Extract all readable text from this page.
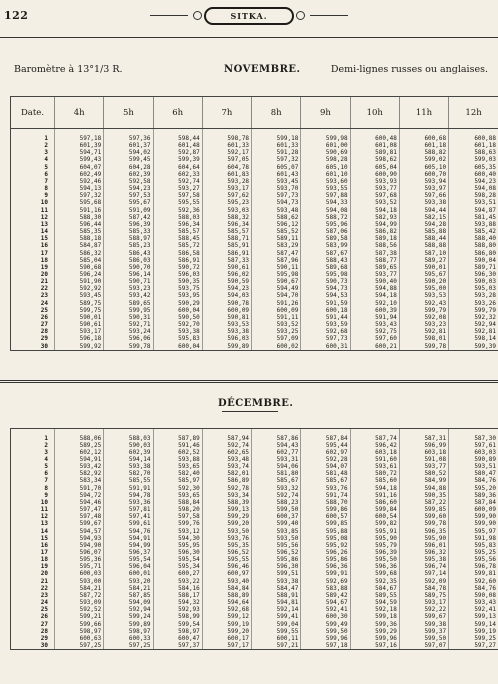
122	SITKA.
Baromètre à 13°1/3 R.	NOVEMBRE.	Demi-lignes russes ou anglaises.
Date.	4h	5h	6h	7h	8h	9h	10h	11h	12h
1	597,18	597,36	598,44	598,78	599,18	599,98	600,48	600,68	600,88
2	601,39	601,37	601,48	601,33	601,33	601,00	601,08	601,18	601,18
3	594,71	594,02	592,87	592,17	591,28	590,69	589,81	588,82	588,63
4	599,43	599,45	599,39	597,05	597,32	598,28	598,62	599,02	599,03
5	604,07	604,28	604,64	604,78	605,07	605,10	605,04	605,10	605,35
6	602,49	602,39	602,33	601,83	601,43	601,10	600,90	600,70	600,40
7	592,46	592,58	592,74	593,28	593,45	593,60	593,93	593,94	594,23
8	594,13	594,23	593,27	593,17	593,70	593,55	593,77	593,97	594,08
9	597,32	597,53	597,58	597,62	597,73	597,88	597,68	597,66	598,28
10	595,68	595,67	595,55	595,23	594,73	594,33	593,52	593,38	593,51
11	591,16	591,09	592,36	593,03	593,48	594,08	594,18	594,44	594,87
12	588,30	587,42	588,03	588,32	588,62	588,72	582,93	582,15	581,45
13	596,44	596,39	596,34	596,34	596,12	595,96	594,99	594,28	593,88
14	585,35	585,33	585,57	585,57	585,52	587,06	586,82	585,88	585,42
15	588,18	588,97	588,45	588,71	589,11	589,58	589,18	588,44	588,40
16	584,87	585,23	585,72	585,91	583,29	583,99	588,56	588,88	588,80
17	586,32	586,43	586,58	586,91	587,47	587,67	587,38	587,10	586,80
18	585,04	586,03	586,91	587,33	587,96	588,43	588,77	589,27	590,04
19	590,68	590,70	590,72	590,61	590,11	589,68	589,65	590,01	589,71
20	596,24	596,14	596,03	596,02	595,98	595,98	593,77	595,67	596,30
21	591,90	590,71	590,35	590,59	590,67	590,73	590,40	590,20	590,03
22	592,92	593,23	593,75	594,23	594,49	594,73	594,88	595,00	595,03
23	593,45	593,42	593,95	594,03	594,70	594,53	594,18	593,53	593,28
24	589,75	589,65	590,29	590,78	591,26	591,59	592,10	592,43	593,26
25	599,75	599,95	600,04	600,09	600,09	600,18	600,39	599,79	599,79
26	590,01	590,31	590,50	590,81	591,11	591,44	591,94	592,08	592,32
27	590,61	592,71	592,70	593,53	593,52	593,59	593,43	593,23	592,94
28	593,17	593,24	593,38	593,38	593,25	592,68	592,75	592,81	592,81
29	596,18	596,06	595,83	596,03	597,09	597,73	597,60	598,01	598,14
30	599,92	599,78	600,04	599,89	600,02	600,31	600,21	599,78	599,39
DÉCEMBRE.

1	588,06	588,03	587,89	587,94	587,86	587,84	587,74	587,31	587,30
2	589,25	590,03	591,46	592,74	594,43	595,44	596,42	596,99	597,61
3	602,12	602,39	602,52	602,65	602,77	602,97	603,18	603,18	603,03
4	594,91	594,14	593,88	593,48	593,31	592,28	591,60	591,08	590,89
5	593,42	593,38	593,65	593,74	594,06	594,07	593,61	593,77	593,51
6	582,92	582,70	582,40	582,01	581,80	581,48	580,72	580,52	580,47
7	583,34	585,55	585,97	586,89	585,67	585,67	585,60	584,99	584,76
8	591,70	591,91	592,30	592,78	593,32	593,76	594,18	594,88	595,20
9	594,72	594,78	593,65	593,34	592,74	591,74	591,16	590,35	589,36
10	594,46	593,36	588,84	588,39	588,23	588,70	586,60	587,22	587,84
11	597,47	597,81	598,20	599,13	599,50	599,86	599,84	599,85	600,09
12	597,48	597,41	597,58	599,29	600,37	600,57	600,54	599,60	599,90
13	599,67	599,61	599,76	599,20	599,40	599,85	599,82	599,78	599,90
14	594,57	594,76	593,12	593,50	593,85	595,88	595,91	596,35	595,97
15	594,93	594,91	594,30	593,76	593,50	595,08	595,90	595,90	591,98
16	594,90	594,99	595,95	595,35	595,56	595,92	595,79	596,01	595,83
17	596,07	596,37	596,30	596,52	596,52	596,26	596,39	596,32	595,25
18	595,36	595,54	595,54	595,55	595,86	595,86	595,50	595,38	595,56
19	595,71	596,04	595,34	596,46	596,30	596,36	596,36	596,74	596,78
20	600,03	600,01	600,27	600,97	599,51	599,91	599,68	597,14	599,81
21	593,00	593,20	593,22	593,40	593,38	592,69	592,35	592,09	592,60
22	584,21	584,21	584,16	584,84	584,47	583,88	584,67	584,78	584,76
23	587,72	587,85	588,17	588,89	588,91	589,42	589,55	589,75	590,08
24	593,09	594,09	594,32	594,64	594,81	594,67	594,59	593,17	593,43
25	592,52	592,94	592,93	592,68	592,14	592,41	592,18	592,22	592,41
26	599,21	599,24	598,99	599,12	599,41	600,30	599,18	599,67	599,13
27	599,66	599,89	599,54	599,19	599,04	599,49	599,36	599,38	599,14
28	598,97	598,97	598,97	599,20	599,55	599,50	599,29	599,37	599,19
29	600,63	600,33	600,47	600,17	600,11	599,96	599,96	599,50	599,25
30	597,25	597,25	597,37	597,17	597,21	597,18	597,16	597,07	597,27
